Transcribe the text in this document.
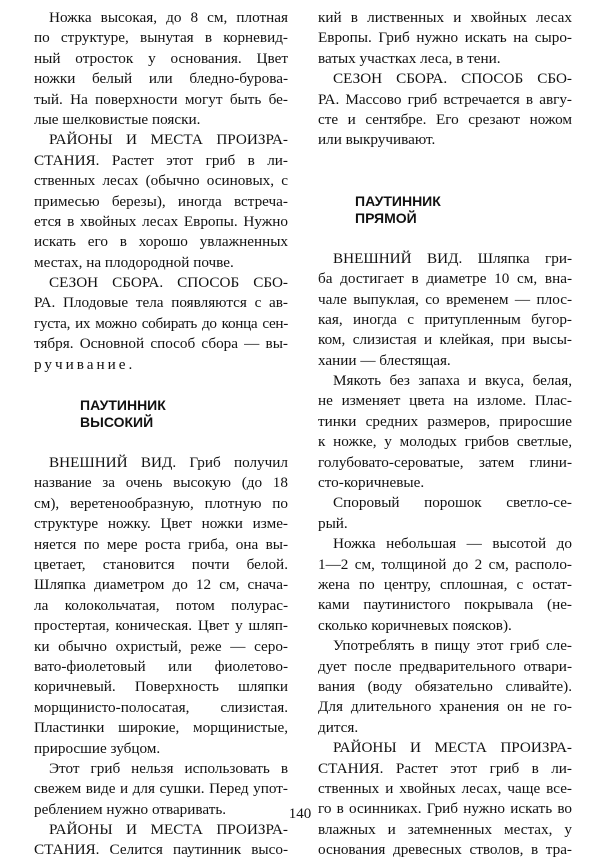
Ножка высокая, до 8 см, плотная
по структуре, вынутая в корневид-
ный отросток у основания. Цвет
ножки белый или бледно-бурова-
тый. На поверхности могут быть бе-
лые шелковистые пояски.
РАЙОНЫ И МЕСТА ПРОИЗРА-
СТАНИЯ. Растет этот гриб в ли-
ственных лесах (обычно осиновых, с
примесью березы), иногда встреча-
ется в хвойных лесах Европы. Нужно
искать его в хорошо увлажненных
местах, на плодородной почве.
СЕЗОН СБОРА. СПОСОБ СБО-
РА. Плодовые тела появляются с ав-
густа, их можно собирать до конца сен-
тября. Основной способ сбора — вы-
ручивание.
ПАУТИННИК
ВЫСОКИЙ
ВНЕШНИЙ ВИД. Гриб получил
название за очень высокую (до 18
см), веретенообразную, плотную по
структуре ножку. Цвет ножки изме-
няется по мере роста гриба, она вы-
цветает, становится почти белой.
Шляпка диаметром до 12 см, снача-
ла колокольчатая, потом полурас-
простертая, коническая. Цвет у шляп-
ки обычно охристый, реже — серо-
вато-фиолетовый или фиолетово-
коричневый. Поверхность шляпки
морщинисто-полосатая, слизистая.
Пластинки широкие, морщинистые,
приросшие зубцом.
Этот гриб нельзя использовать в
свежем виде и для сушки. Перед упот-
реблением нужно отваривать.
РАЙОНЫ И МЕСТА ПРОИЗРА-
СТАНИЯ. Селится паутинник высо-
кий в лиственных и хвойных лесах
Европы. Гриб нужно искать на сыро-
ватых участках леса, в тени.
СЕЗОН СБОРА. СПОСОБ СБО-
РА. Массово гриб встречается в авгу-
сте и сентябре. Его срезают ножом
или выкручивают.
ПАУТИННИК
ПРЯМОЙ
ВНЕШНИЙ ВИД. Шляпка гри-
ба достигает в диаметре 10 см, вна-
чале выпуклая, со временем — плос-
кая, иногда с притупленным бугор-
ком, слизистая и клейкая, при высы-
хании — блестящая.
Мякоть без запаха и вкуса, белая,
не изменяет цвета на изломе. Плас-
тинки средних размеров, приросшие
к ножке, у молодых грибов светлые,
голубовато-сероватые, затем глини-
сто-коричневые.
Споровый порошок светло-се-
рый.
Ножка небольшая — высотой до
1—2 см, толщиной до 2 см, располо-
жена по центру, сплошная, с остат-
ками паутинистого покрывала (не-
сколько коричневых поясков).
Употреблять в пищу этот гриб сле-
дует после предварительного отвари-
вания (воду обязательно сливайте).
Для длительного хранения он не го-
дится.
РАЙОНЫ И МЕСТА ПРОИЗРА-
СТАНИЯ. Растет этот гриб в ли-
ственных и хвойных лесах, чаще все-
го в осинниках. Гриб нужно искать во
влажных и затемненных местах, у
основания древесных стволов, в тра-
140
